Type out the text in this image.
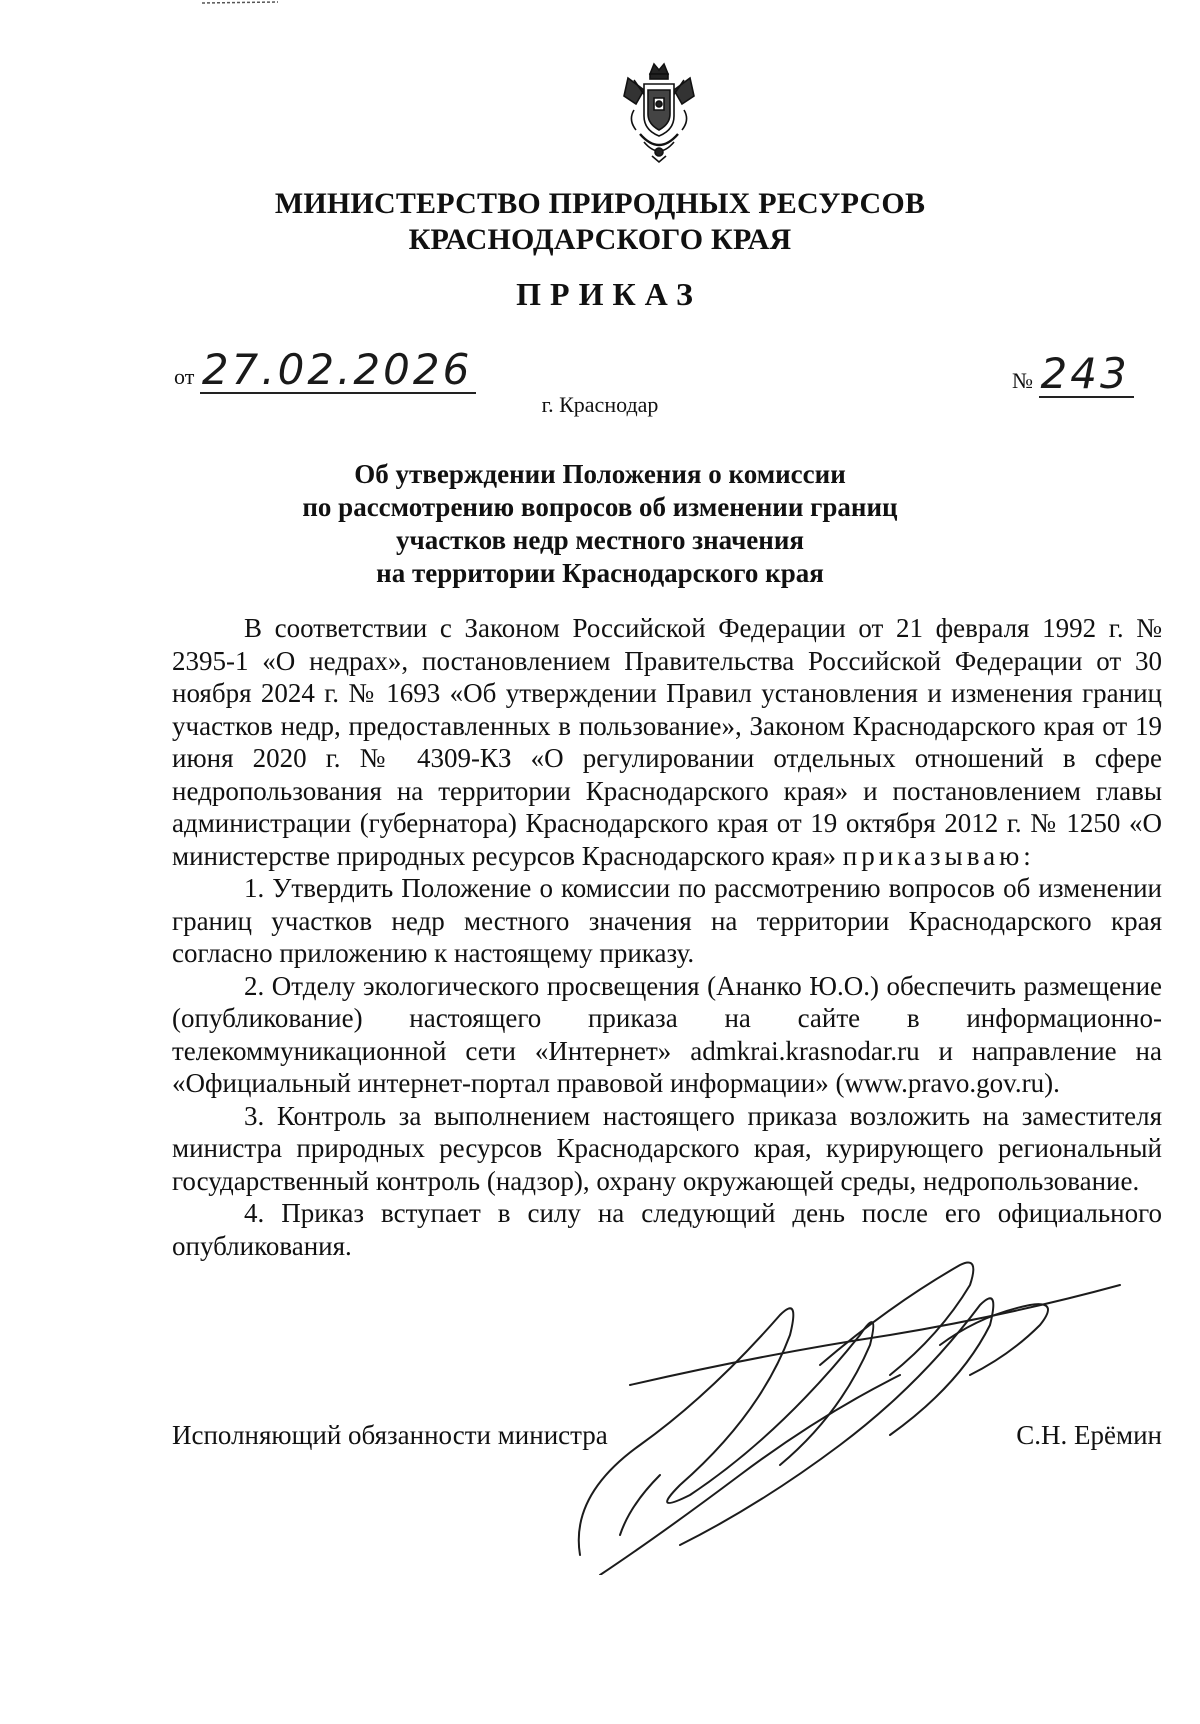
МИНИСТЕРСТВО ПРИРОДНЫХ РЕСУРСОВ
КРАСНОДАРСКОГО КРАЯ
ПРИКАЗ
от 27.02.2026	№ 243
г. Краснодар
Об утверждении Положения о комиссии
по рассмотрению вопросов об изменении границ
участков недр местного значения
на территории Краснодарского края

В соответствии с Законом Российской Федерации от 21 февраля 1992 г. № 2395-1 «О недрах», постановлением Правительства Российской Федерации от 30 ноября 2024 г. № 1693 «Об утверждении Правил установления и изменения границ участков недр, предоставленных в пользование», Законом Краснодарского края от 19 июня 2020 г. № 4309-КЗ «О регулировании отдельных отношений в сфере недропользования на территории Краснодарского края» и постановлением главы администрации (губернатора) Краснодарского края от 19 октября 2012 г. № 1250 «О министерстве природных ресурсов Краснодарского края» приказываю:

1. Утвердить Положение о комиссии по рассмотрению вопросов об изменении границ участков недр местного значения на территории Краснодарского края согласно приложению к настоящему приказу.

2. Отделу экологического просвещения (Ананко Ю.О.) обеспечить размещение (опубликование) настоящего приказа на сайте в информационно-телекоммуникационной сети «Интернет» admkrai.krasnodar.ru и направление на «Официальный интернет-портал правовой информации» (www.pravo.gov.ru).

3. Контроль за выполнением настоящего приказа возложить на заместителя министра природных ресурсов Краснодарского края, курирующего региональный государственный контроль (надзор), охрану окружающей среды, недропользование.

4. Приказ вступает в силу на следующий день после его официального опубликования.

Исполняющий обязанности министра	С.Н. Ерёмин
